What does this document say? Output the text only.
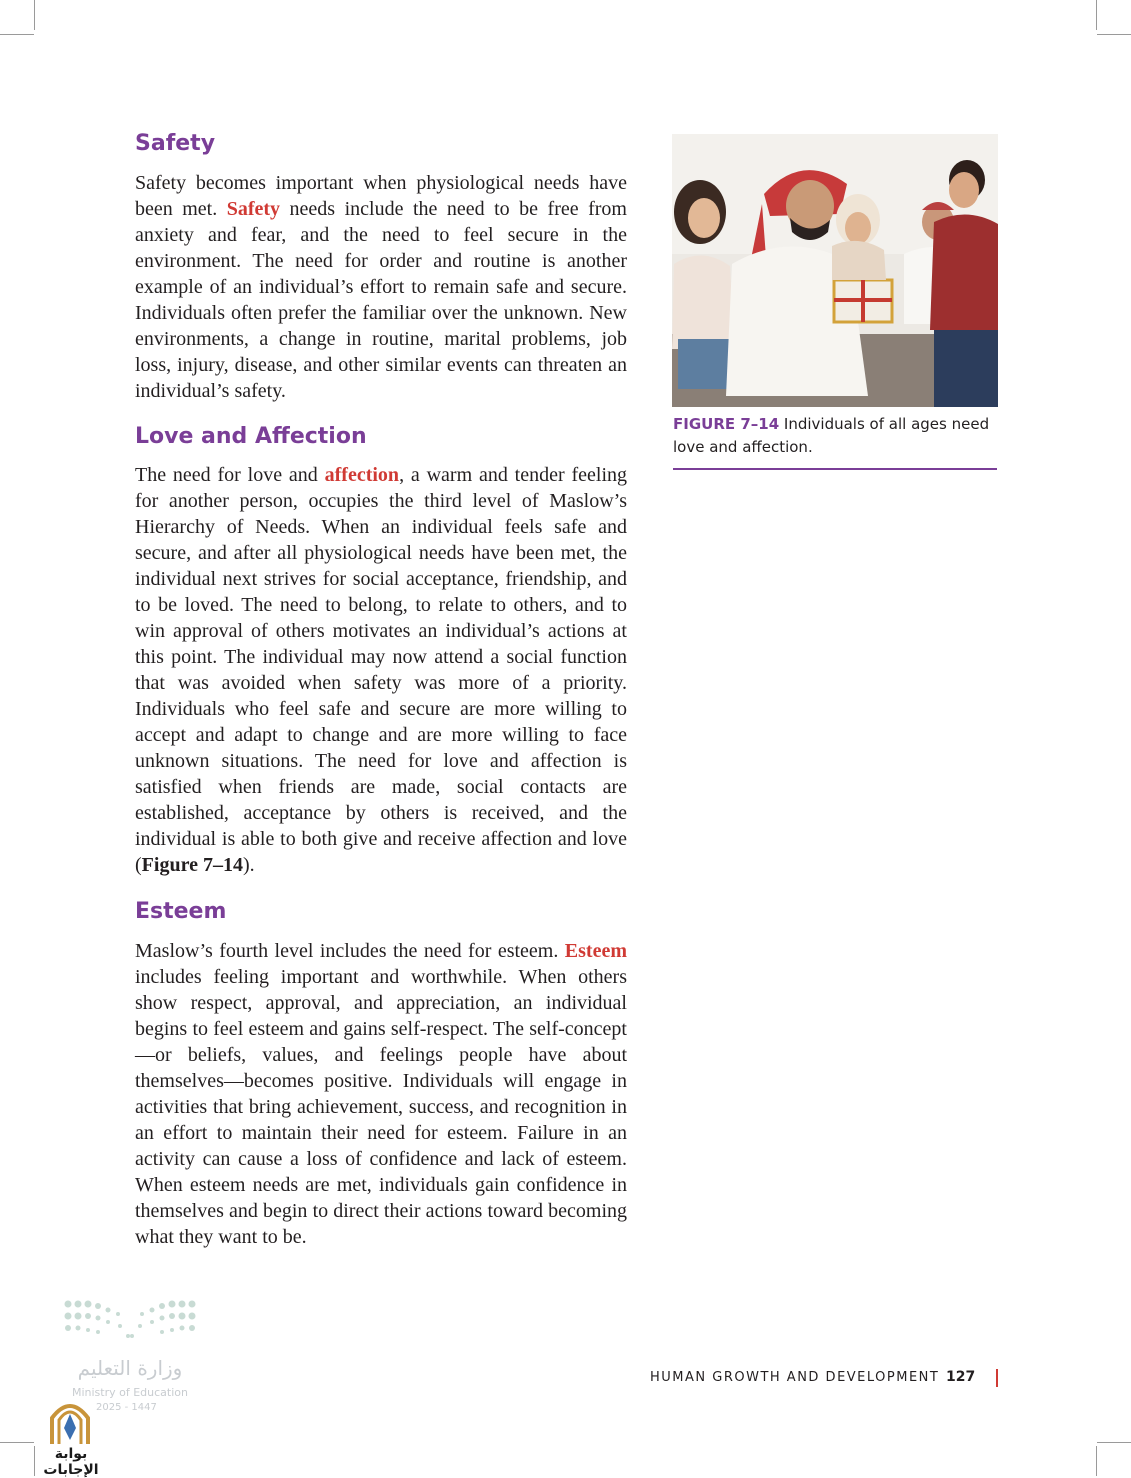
Safety

Safety becomes important when physiological needs have been met. Safety needs include the need to be free from anxiety and fear, and the need to feel secure in the environment. The need for order and routine is another example of an individual’s effort to remain safe and secure. Individuals often prefer the familiar over the unknown. New environments, a change in routine, marital problems, job loss, injury, disease, and other similar events can threaten an individual’s safety.

Love and Affection

The need for love and affection, a warm and tender feeling for another person, occupies the third level of Maslow’s Hierarchy of Needs. When an individual feels safe and secure, and after all physiological needs have been met, the individual next strives for social acceptance, friendship, and to be loved. The need to belong, to relate to others, and to win approval of others motivates an individual’s actions at this point. The individual may now attend a social function that was avoided when safety was more of a priority. Individuals who feel safe and secure are more willing to accept and adapt to change and are more willing to face unknown situations. The need for love and affection is satisfied when friends are made, social contacts are established, acceptance by others is received, and the individual is able to both give and receive affection and love (Figure 7–14).

Esteem

Maslow’s fourth level includes the need for esteem. Esteem includes feeling important and worthwhile. When others show respect, approval, and appreciation, an individual begins to feel esteem and gains self-respect. The self-concept—or beliefs, values, and feelings people have about themselves—becomes positive. Individuals will engage in activities that bring achievement, success, and recognition in an effort to maintain their need for esteem. Failure in an activity can cause a loss of confidence and lack of esteem. When esteem needs are met, individuals gain confidence in themselves and begin to direct their actions toward becoming what they want to be.

FIGURE 7–14 Individuals of all ages need love and affection.

HUMAN GROWTH AND DEVELOPMENT 127
وزارة التعليم
Ministry of Education
2025 - 1447
بوابة الإجابات
